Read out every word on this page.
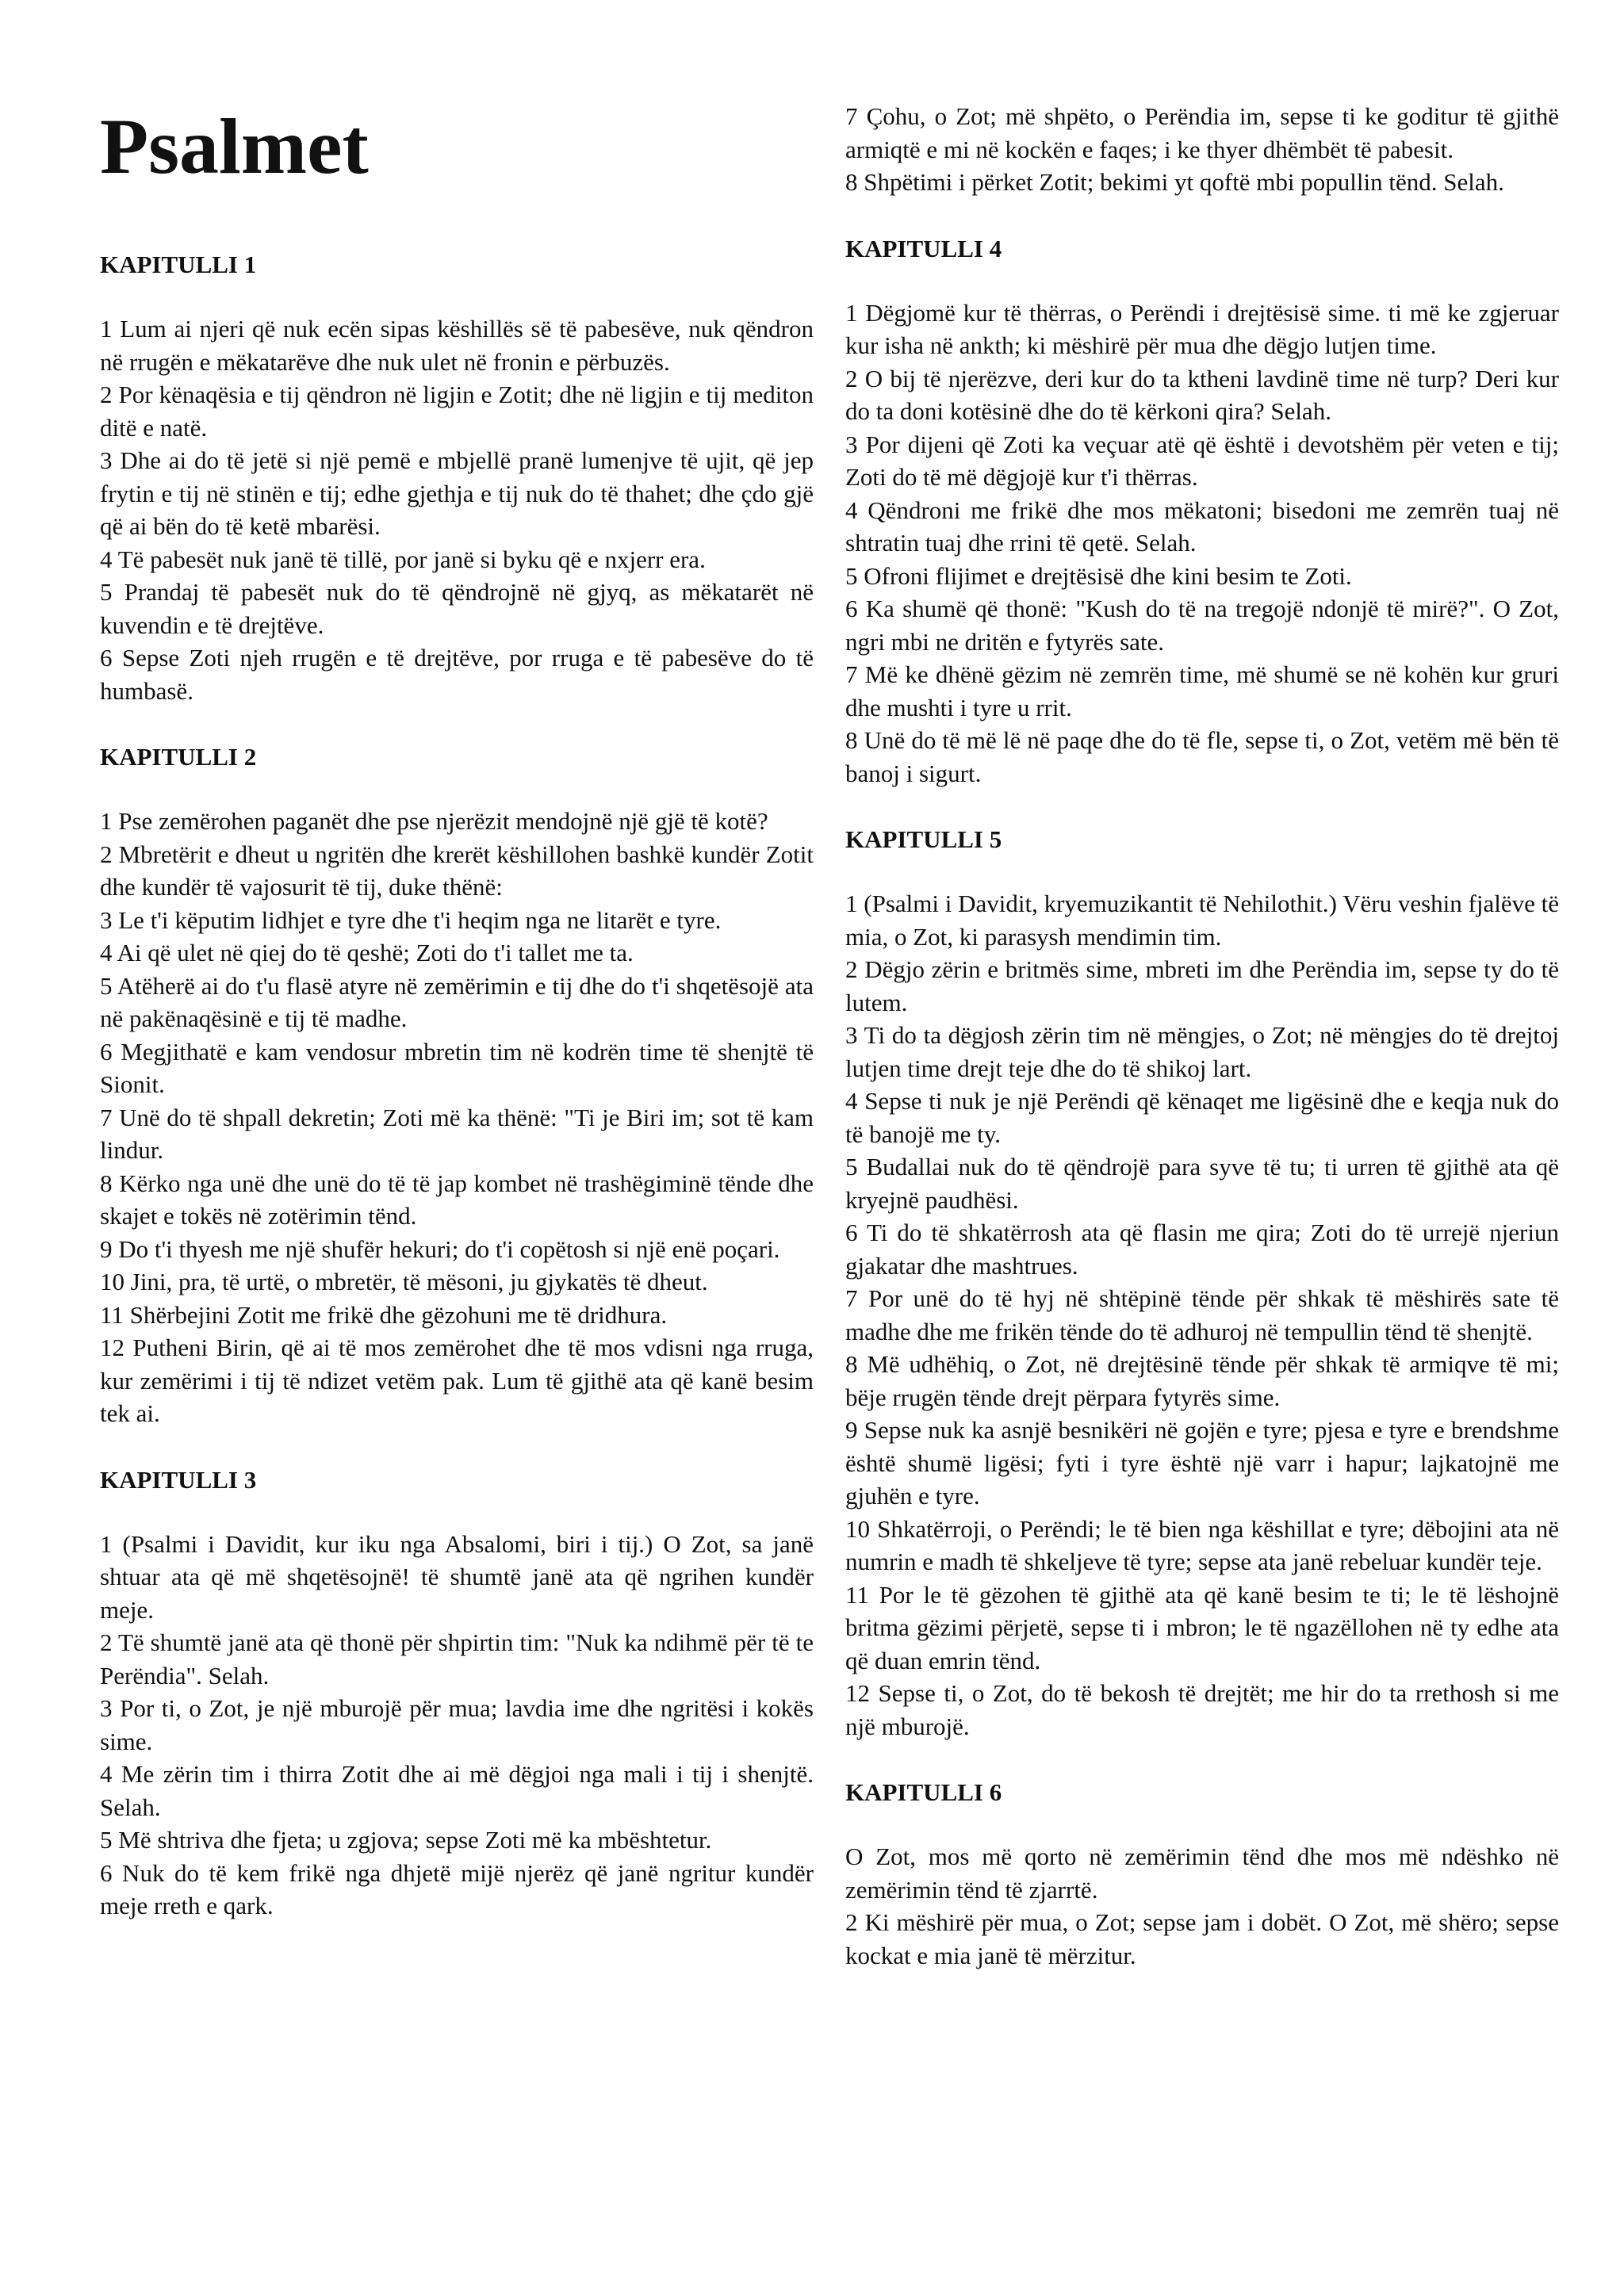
Psalmet
KAPITULLI 1

1 Lum ai njeri që nuk ecën sipas këshillës së të pabesëve, nuk qëndron në rrugën e mëkatarëve dhe nuk ulet në fronin e përbuzës.

2 Por kënaqësia e tij qëndron në ligjin e Zotit; dhe në ligjin e tij mediton ditë e natë.

3 Dhe ai do të jetë si një pemë e mbjellë pranë lumenjve të ujit, që jep frytin e tij në stinën e tij; edhe gjethja e tij nuk do të thahet; dhe çdo gjë që ai bën do të ketë mbarësi.

4 Të pabesët nuk janë të tillë, por janë si byku që e nxjerr era.

5 Prandaj të pabesët nuk do të qëndrojnë në gjyq, as mëkatarët në kuvendin e të drejtëve.

6 Sepse Zoti njeh rrugën e të drejtëve, por rruga e të pabesëve do të humbasë.

KAPITULLI 2

1 Pse zemërohen paganët dhe pse njerëzit mendojnë një gjë të kotë?

2 Mbretërit e dheut u ngritën dhe krerët këshillohen bashkë kundër Zotit dhe kundër të vajosurit të tij, duke thënë:

3 Le t'i këputim lidhjet e tyre dhe t'i heqim nga ne litarët e tyre.

4 Ai që ulet në qiej do të qeshë; Zoti do t'i tallet me ta.

5 Atëherë ai do t'u flasë atyre në zemërimin e tij dhe do t'i shqetësojë ata në pakënaqësinë e tij të madhe.

6 Megjithatë e kam vendosur mbretin tim në kodrën time të shenjtë të Sionit.

7 Unë do të shpall dekretin; Zoti më ka thënë: "Ti je Biri im; sot të kam lindur.

8 Kërko nga unë dhe unë do të të jap kombet në trashëgiminë tënde dhe skajet e tokës në zotërimin tënd.

9 Do t'i thyesh me një shufër hekuri; do t'i copëtosh si një enë poçari.

10 Jini, pra, të urtë, o mbretër, të mësoni, ju gjykatës të dheut.

11 Shërbejini Zotit me frikë dhe gëzohuni me të dridhura.

12 Putheni Birin, që ai të mos zemërohet dhe të mos vdisni nga rruga, kur zemërimi i tij të ndizet vetëm pak. Lum të gjithë ata që kanë besim tek ai.

KAPITULLI 3

1 (Psalmi i Davidit, kur iku nga Absalomi, biri i tij.) O Zot, sa janë shtuar ata që më shqetësojnë! të shumtë janë ata që ngrihen kundër meje.

2 Të shumtë janë ata që thonë për shpirtin tim: "Nuk ka ndihmë për të te Perëndia". Selah.

3 Por ti, o Zot, je një mburojë për mua; lavdia ime dhe ngritësi i kokës sime.

4 Me zërin tim i thirra Zotit dhe ai më dëgjoi nga mali i tij i shenjtë. Selah.

5 Më shtriva dhe fjeta; u zgjova; sepse Zoti më ka mbështetur.

6 Nuk do të kem frikë nga dhjetë mijë njerëz që janë ngritur kundër meje rreth e qark.

7 Çohu, o Zot; më shpëto, o Perëndia im, sepse ti ke goditur të gjithë armiqtë e mi në kockën e faqes; i ke thyer dhëmbët të pabesit.

8 Shpëtimi i përket Zotit; bekimi yt qoftë mbi popullin tënd. Selah.

KAPITULLI 4

1 Dëgjomë kur të thërras, o Perëndi i drejtësisë sime. ti më ke zgjeruar kur isha në ankth; ki mëshirë për mua dhe dëgjo lutjen time.

2 O bij të njerëzve, deri kur do ta ktheni lavdinë time në turp? Deri kur do ta doni kotësinë dhe do të kërkoni qira? Selah.

3 Por dijeni që Zoti ka veçuar atë që është i devotshëm për veten e tij; Zoti do të më dëgjojë kur t'i thërras.

4 Qëndroni me frikë dhe mos mëkatoni; bisedoni me zemrën tuaj në shtratin tuaj dhe rrini të qetë. Selah.

5 Ofroni flijimet e drejtësisë dhe kini besim te Zoti.

6 Ka shumë që thonë: "Kush do të na tregojë ndonjë të mirë?". O Zot, ngri mbi ne dritën e fytyrës sate.

7 Më ke dhënë gëzim në zemrën time, më shumë se në kohën kur gruri dhe mushti i tyre u rrit.

8 Unë do të më lë në paqe dhe do të fle, sepse ti, o Zot, vetëm më bën të banoj i sigurt.

KAPITULLI 5

1 (Psalmi i Davidit, kryemuzikantit të Nehilothit.) Vëru veshin fjalëve të mia, o Zot, ki parasysh mendimin tim.

2 Dëgjo zërin e britmës sime, mbreti im dhe Perëndia im, sepse ty do të lutem.

3 Ti do ta dëgjosh zërin tim në mëngjes, o Zot; në mëngjes do të drejtoj lutjen time drejt teje dhe do të shikoj lart.

4 Sepse ti nuk je një Perëndi që kënaqet me ligësinë dhe e keqja nuk do të banojë me ty.

5 Budallai nuk do të qëndrojë para syve të tu; ti urren të gjithë ata që kryejnë paudhësi.

6 Ti do të shkatërrosh ata që flasin me qira; Zoti do të urrejë njeriun gjakatar dhe mashtrues.

7 Por unë do të hyj në shtëpinë tënde për shkak të mëshirës sate të madhe dhe me frikën tënde do të adhuroj në tempullin tënd të shenjtë.

8 Më udhëhiq, o Zot, në drejtësinë tënde për shkak të armiqve të mi; bëje rrugën tënde drejt përpara fytyrës sime.

9 Sepse nuk ka asnjë besnikëri në gojën e tyre; pjesa e tyre e brendshme është shumë ligësi; fyti i tyre është një varr i hapur; lajkatojnë me gjuhën e tyre.

10 Shkatërroji, o Perëndi; le të bien nga këshillat e tyre; dëbojini ata në numrin e madh të shkeljeve të tyre; sepse ata janë rebeluar kundër teje.

11 Por le të gëzohen të gjithë ata që kanë besim te ti; le të lëshojnë britma gëzimi përjetë, sepse ti i mbron; le të ngazëllohen në ty edhe ata që duan emrin tënd.

12 Sepse ti, o Zot, do të bekosh të drejtët; me hir do ta rrethosh si me një mburojë.

KAPITULLI 6

O Zot, mos më qorto në zemërimin tënd dhe mos më ndëshko në zemërimin tënd të zjarrtë.

2 Ki mëshirë për mua, o Zot; sepse jam i dobët. O Zot, më shëro; sepse kockat e mia janë të mërzitur.
